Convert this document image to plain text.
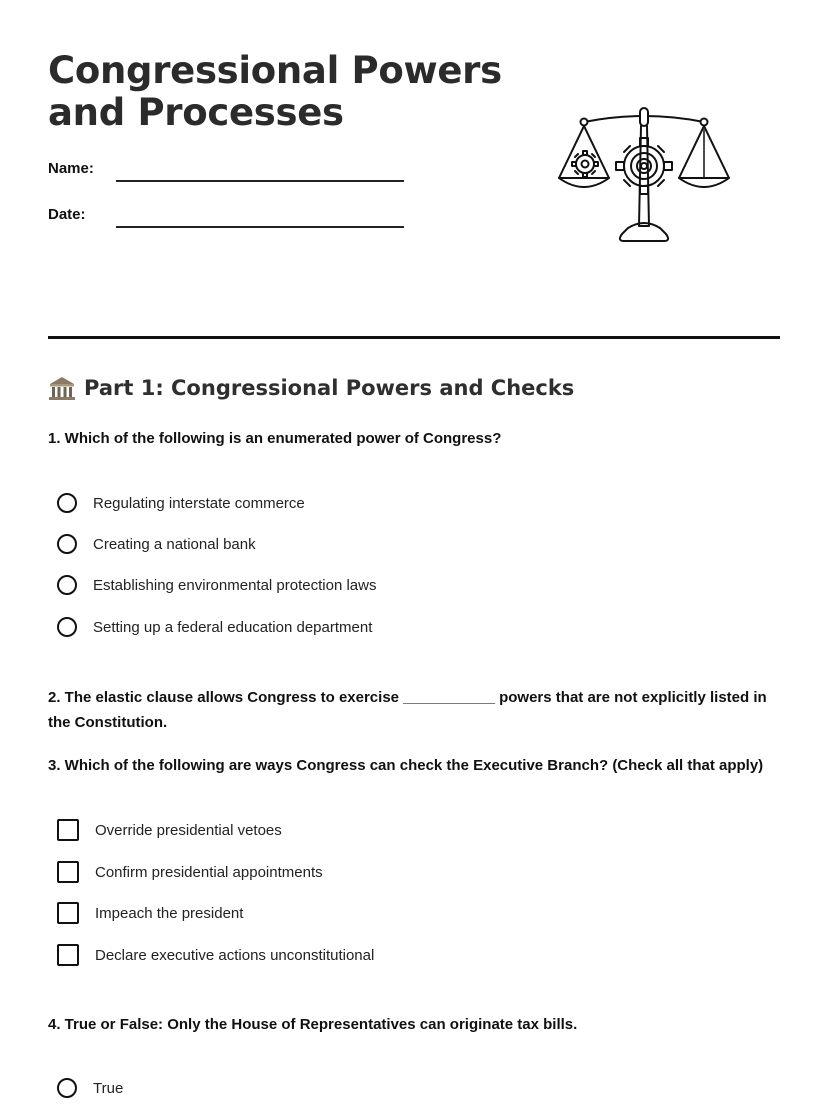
Congressional Powers
and Processes
Name:
Date:
Part 1: Congressional Powers and Checks

1. Which of the following is an enumerated power of Congress?

Regulating interstate commerce
Creating a national bank
Establishing environmental protection laws
Setting up a federal education department

2. The elastic clause allows Congress to exercise ___________ powers that are not explicitly listed in the Constitution.

3. Which of the following are ways Congress can check the Executive Branch? (Check all that apply)

Override presidential vetoes
Confirm presidential appointments
Impeach the president
Declare executive actions unconstitutional

4. True or False: Only the House of Representatives can originate tax bills.

True
